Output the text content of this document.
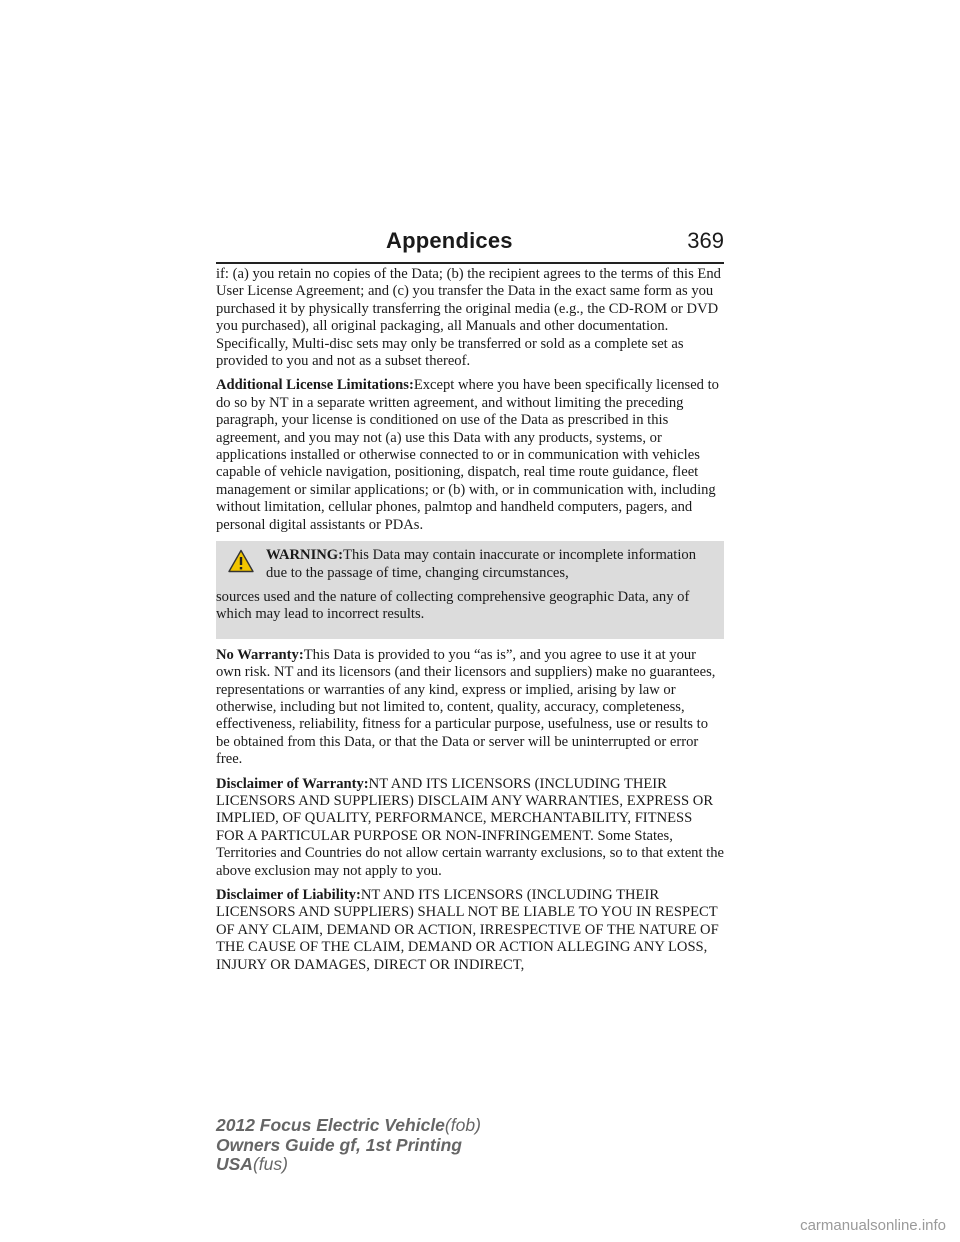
Appendices	369

if: (a) you retain no copies of the Data; (b) the recipient agrees to the terms of this End User License Agreement; and (c) you transfer the Data in the exact same form as you purchased it by physically transferring the original media (e.g., the CD-ROM or DVD you purchased), all original packaging, all Manuals and other documentation. Specifically, Multi-disc sets may only be transferred or sold as a complete set as provided to you and not as a subset thereof.

Additional License Limitations:Except where you have been specifically licensed to do so by NT in a separate written agreement, and without limiting the preceding paragraph, your license is conditioned on use of the Data as prescribed in this agreement, and you may not (a) use this Data with any products, systems, or applications installed or otherwise connected to or in communication with vehicles capable of vehicle navigation, positioning, dispatch, real time route guidance, fleet management or similar applications; or (b) with, or in communication with, including without limitation, cellular phones, palmtop and handheld computers, pagers, and personal digital assistants or PDAs.

WARNING:This Data may contain inaccurate or incomplete information due to the passage of time, changing circumstances,

sources used and the nature of collecting comprehensive geographic Data, any of which may lead to incorrect results.

No Warranty:This Data is provided to you “as is”, and you agree to use it at your own risk. NT and its licensors (and their licensors and suppliers) make no guarantees, representations or warranties of any kind, express or implied, arising by law or otherwise, including but not limited to, content, quality, accuracy, completeness, effectiveness, reliability, fitness for a particular purpose, usefulness, use or results to be obtained from this Data, or that the Data or server will be uninterrupted or error free.

Disclaimer of Warranty:NT AND ITS LICENSORS (INCLUDING THEIR LICENSORS AND SUPPLIERS) DISCLAIM ANY WARRANTIES, EXPRESS OR IMPLIED, OF QUALITY, PERFORMANCE, MERCHANTABILITY, FITNESS FOR A PARTICULAR PURPOSE OR NON-INFRINGEMENT. Some States, Territories and Countries do not allow certain warranty exclusions, so to that extent the above exclusion may not apply to you.

Disclaimer of Liability:NT AND ITS LICENSORS (INCLUDING THEIR LICENSORS AND SUPPLIERS) SHALL NOT BE LIABLE TO YOU IN RESPECT OF ANY CLAIM, DEMAND OR ACTION, IRRESPECTIVE OF THE NATURE OF THE CAUSE OF THE CLAIM, DEMAND OR ACTION ALLEGING ANY LOSS, INJURY OR DAMAGES, DIRECT OR INDIRECT,

2012 Focus Electric Vehicle(fob)
Owners Guide gf, 1st Printing
USA(fus)
carmanualsonline.info
